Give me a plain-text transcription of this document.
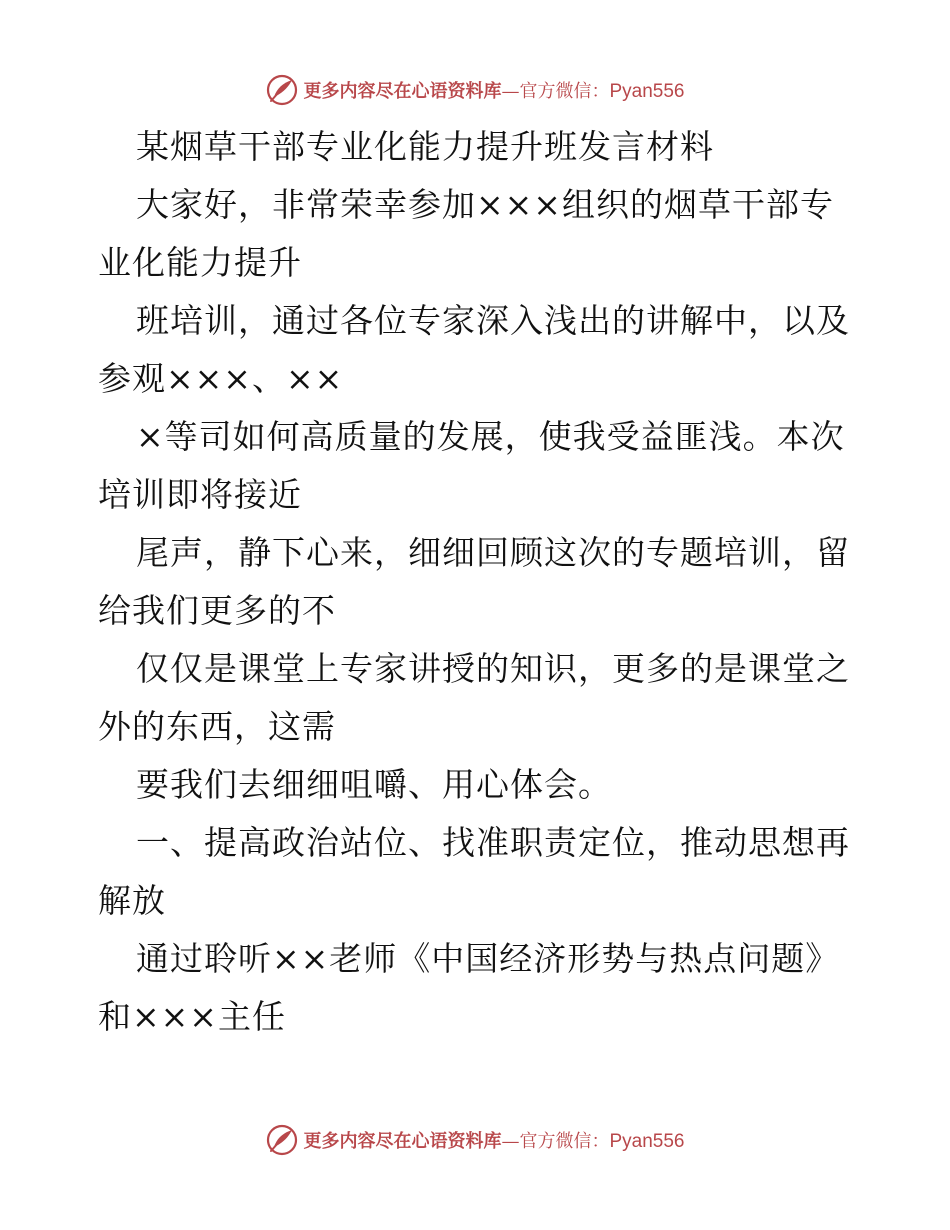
更多内容尽在心语资料库 — 官方微信： Pyan556
某烟草干部专业化能力提升班发言材料
大家好，非常荣幸参加×××组织的烟草干部专
业化能力提升
班培训，通过各位专家深入浅出的讲解中，以及
参观×××、××
×等司如何高质量的发展，使我受益匪浅。本次
培训即将接近
尾声，静下心来，细细回顾这次的专题培训，留
给我们更多的不
仅仅是课堂上专家讲授的知识，更多的是课堂之
外的东西，这需
要我们去细细咀嚼、用心体会。
一、提高政治站位、找准职责定位，推动思想再
解放
通过聆听××老师《中国经济形势与热点问题》
和×××主任
更多内容尽在心语资料库 — 官方微信： Pyan556
